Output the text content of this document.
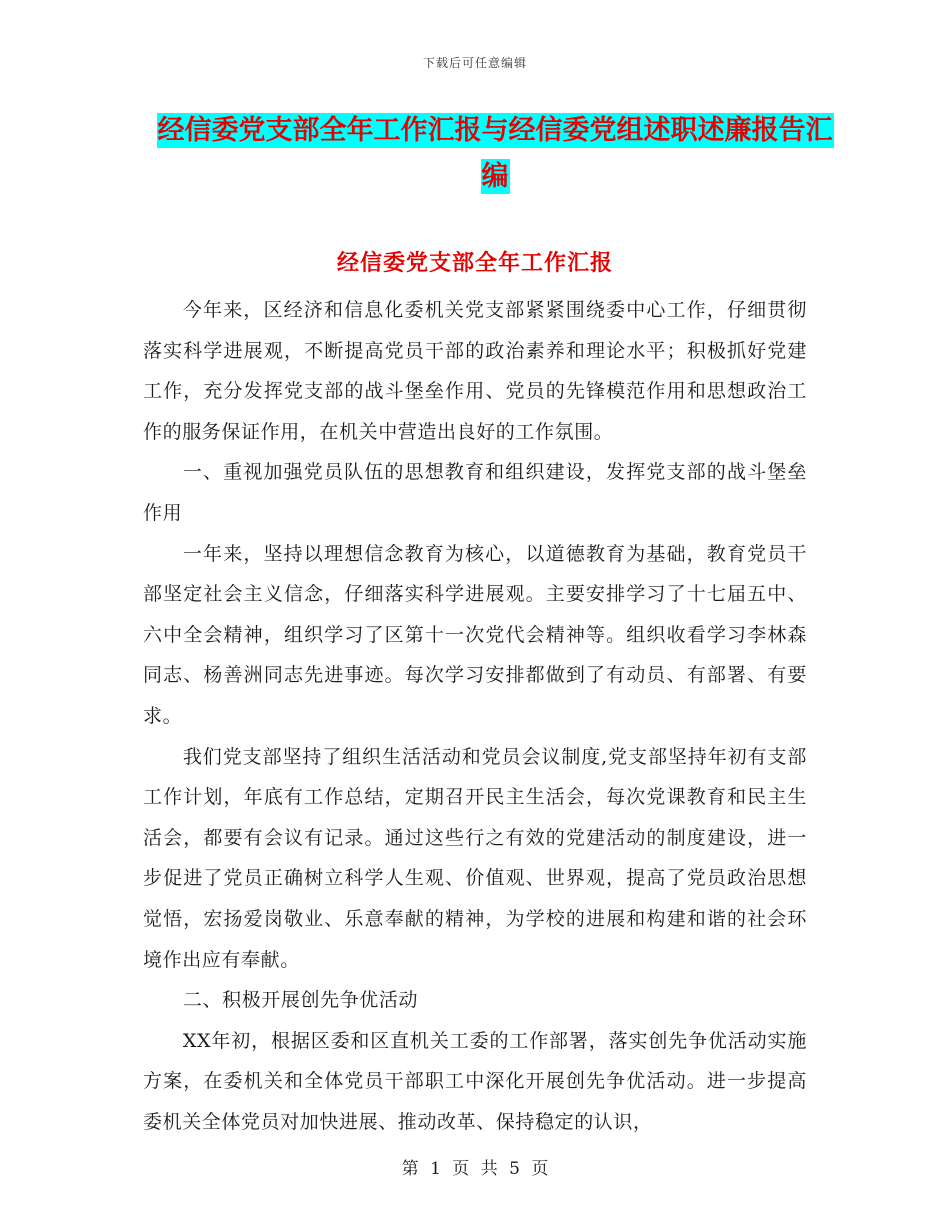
下载后可任意编辑
经信委党支部全年工作汇报与经信委党组述职述廉报告汇编
经信委党支部全年工作汇报

今年来，区经济和信息化委机关党支部紧紧围绕委中心工作，仔细贯彻落实科学进展观，不断提高党员干部的政治素养和理论水平；积极抓好党建工作，充分发挥党支部的战斗堡垒作用、党员的先锋模范作用和思想政治工作的服务保证作用，在机关中营造出良好的工作氛围。

一、重视加强党员队伍的思想教育和组织建设，发挥党支部的战斗堡垒作用

一年来，坚持以理想信念教育为核心，以道德教育为基础，教育党员干部坚定社会主义信念，仔细落实科学进展观。主要安排学习了十七届五中、六中全会精神，组织学习了区第十一次党代会精神等。组织收看学习李林森同志、杨善洲同志先进事迹。每次学习安排都做到了有动员、有部署、有要求。

我们党支部坚持了组织生活活动和党员会议制度,党支部坚持年初有支部工作计划，年底有工作总结，定期召开民主生活会，每次党课教育和民主生活会，都要有会议有记录。通过这些行之有效的党建活动的制度建设，进一步促进了党员正确树立科学人生观、价值观、世界观，提高了党员政治思想觉悟，宏扬爱岗敬业、乐意奉献的精神，为学校的进展和构建和谐的社会环境作出应有奉献。

二、积极开展创先争优活动

XX年初，根据区委和区直机关工委的工作部署，落实创先争优活动实施方案，在委机关和全体党员干部职工中深化开展创先争优活动。进一步提高委机关全体党员对加快进展、推动改革、保持稳定的认识，

第 1 页 共 5 页
